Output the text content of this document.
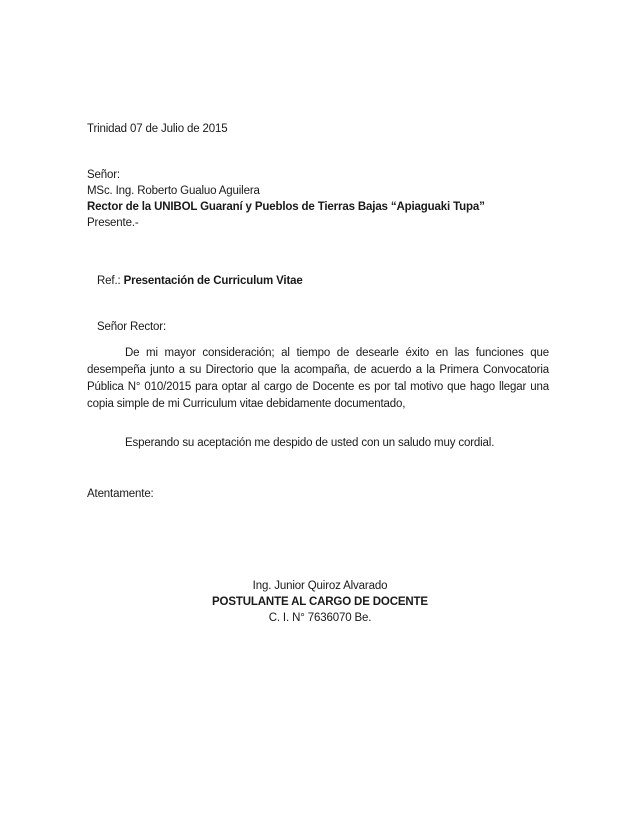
Trinidad 07 de Julio de 2015
Señor:
MSc. Ing. Roberto Gualuo Aguilera
Rector de la UNIBOL Guaraní y Pueblos de Tierras Bajas “Apiaguaki Tupa”
Presente.-
Ref.: Presentación de Curriculum Vitae
Señor Rector:
De mi mayor consideración; al tiempo de desearle éxito en las funciones que desempeña junto a su Directorio que la acompaña, de acuerdo a la Primera Convocatoria Pública N° 010/2015 para optar al cargo de Docente es por tal motivo que hago llegar una copia simple de mi Curriculum vitae debidamente documentado,
Esperando su aceptación me despido de usted con un saludo muy cordial.
Atentamente:
Ing. Junior Quiroz Alvarado
POSTULANTE AL CARGO DE DOCENTE
C. I. N° 7636070 Be.
